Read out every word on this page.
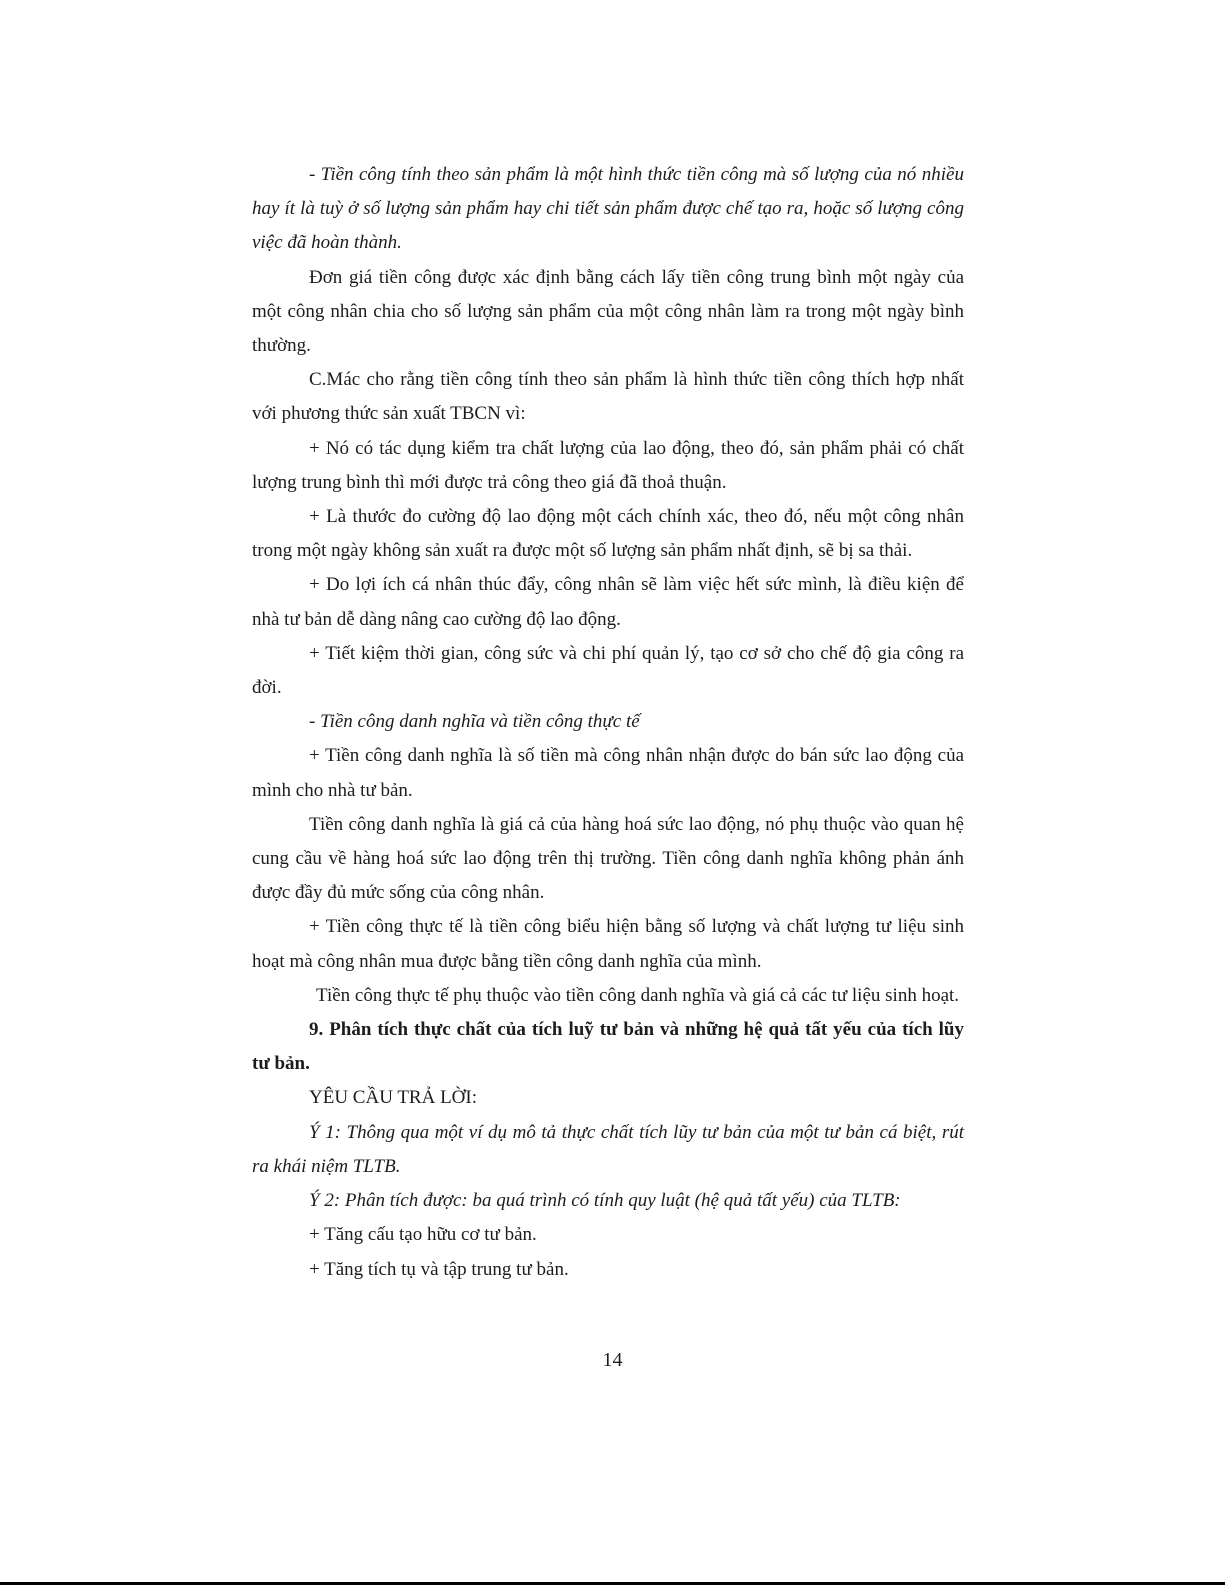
- Tiền công tính theo sản phẩm là một hình thức tiền công mà số lượng của nó nhiều hay ít là tuỳ ở số lượng sản phẩm hay chi tiết sản phẩm được chế tạo ra, hoặc số lượng công việc đã hoàn thành.

Đơn giá tiền công được xác định bằng cách lấy tiền công trung bình một ngày của một công nhân chia cho số lượng sản phẩm của một công nhân làm ra trong một ngày bình thường.

C.Mác cho rằng tiền công tính theo sản phẩm là hình thức tiền công thích hợp nhất với phương thức sản xuất TBCN vì:

+ Nó có tác dụng kiểm tra chất lượng của lao động, theo đó, sản phẩm phải có chất lượng trung bình thì mới được trả công theo giá đã thoả thuận.

+ Là thước đo cường độ lao động một cách chính xác, theo đó, nếu một công nhân trong một ngày không sản xuất ra được một số lượng sản phẩm nhất định, sẽ bị sa thải.

+ Do lợi ích cá nhân thúc đẩy, công nhân sẽ làm việc hết sức mình, là điều kiện để nhà tư bản dễ dàng nâng cao cường độ lao động.

+ Tiết kiệm thời gian, công sức và chi phí quản lý, tạo cơ sở cho chế độ gia công ra đời.

- Tiền công danh nghĩa và tiền công thực tế

+ Tiền công danh nghĩa là số tiền mà công nhân nhận được do bán sức lao động của mình cho nhà tư bản.

Tiền công danh nghĩa là giá cả của hàng hoá sức lao động, nó phụ thuộc vào quan hệ cung cầu về hàng hoá sức lao động trên thị trường. Tiền công danh nghĩa không phản ánh được đầy đủ mức sống của công nhân.

+ Tiền công thực tế là tiền công biểu hiện bằng số lượng và chất lượng tư liệu sinh hoạt mà công nhân mua được bằng tiền công danh nghĩa của mình.

Tiền công thực tế phụ thuộc vào tiền công danh nghĩa và giá cả các tư liệu sinh hoạt.

9. Phân tích thực chất của tích luỹ tư bản và những hệ quả tất yếu của tích lũy tư bản.

YÊU CẦU TRẢ LỜI:

Ý 1: Thông qua một ví dụ mô tả thực chất tích lũy tư bản của một tư bản cá biệt, rút ra khái niệm TLTB.

Ý 2: Phân tích được: ba quá trình có tính quy luật (hệ quả tất yếu) của TLTB:

+ Tăng cấu tạo hữu cơ tư bản.

+ Tăng tích tụ và tập trung tư bản.

14
